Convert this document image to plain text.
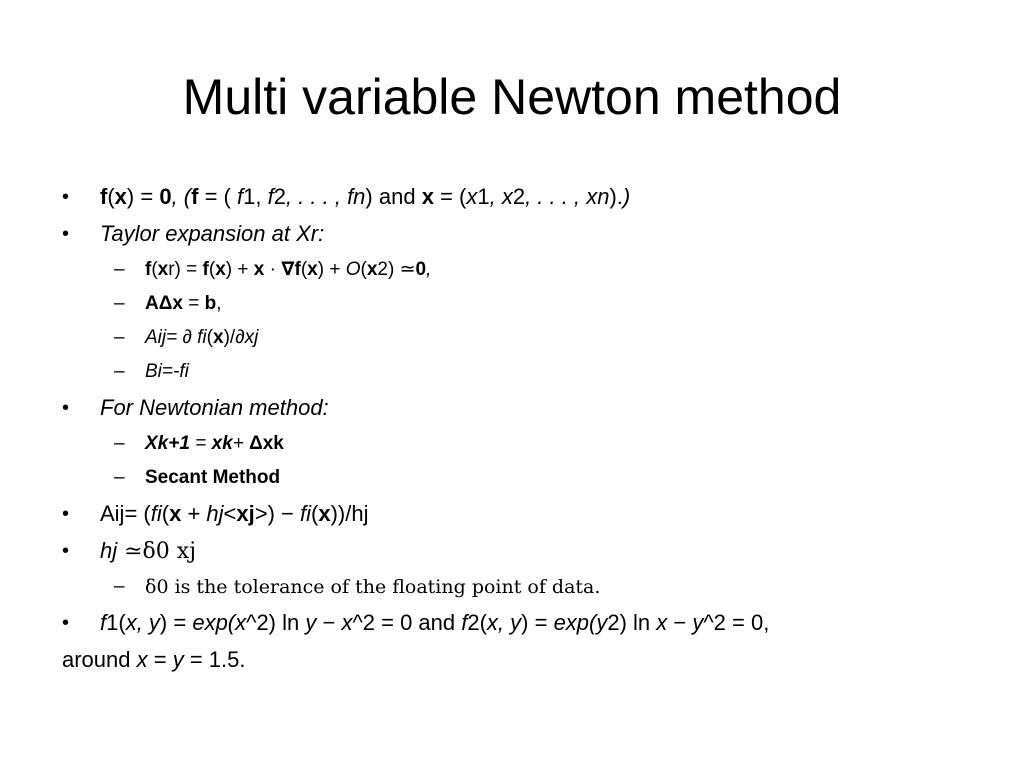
Multi variable Newton method
• f(x) = 0, (f = ( f1, f2, . . . , fn) and x = (x1, x2, . . . , xn).)
• Taylor expansion at Xr:
– f(xr) = f(x) + x · ∇f(x) + O(x2) ≃0,
– AΔx = b,
– Aij= ∂ fi(x)/∂xj
– Bi=-fi
• For Newtonian method:
– Xk+1 = xk+ Δxk
– Secant Method
• Aij= (fi(x + hj<xj>) − fi(x))/hj
• hj ≃δ0 xj
– δ0 is the tolerance of the floating point of data.
• f1(x, y) = exp(x^2) ln y − x^2 = 0 and f2(x, y) = exp(y2) ln x − y^2 = 0,
around x = y = 1.5.
